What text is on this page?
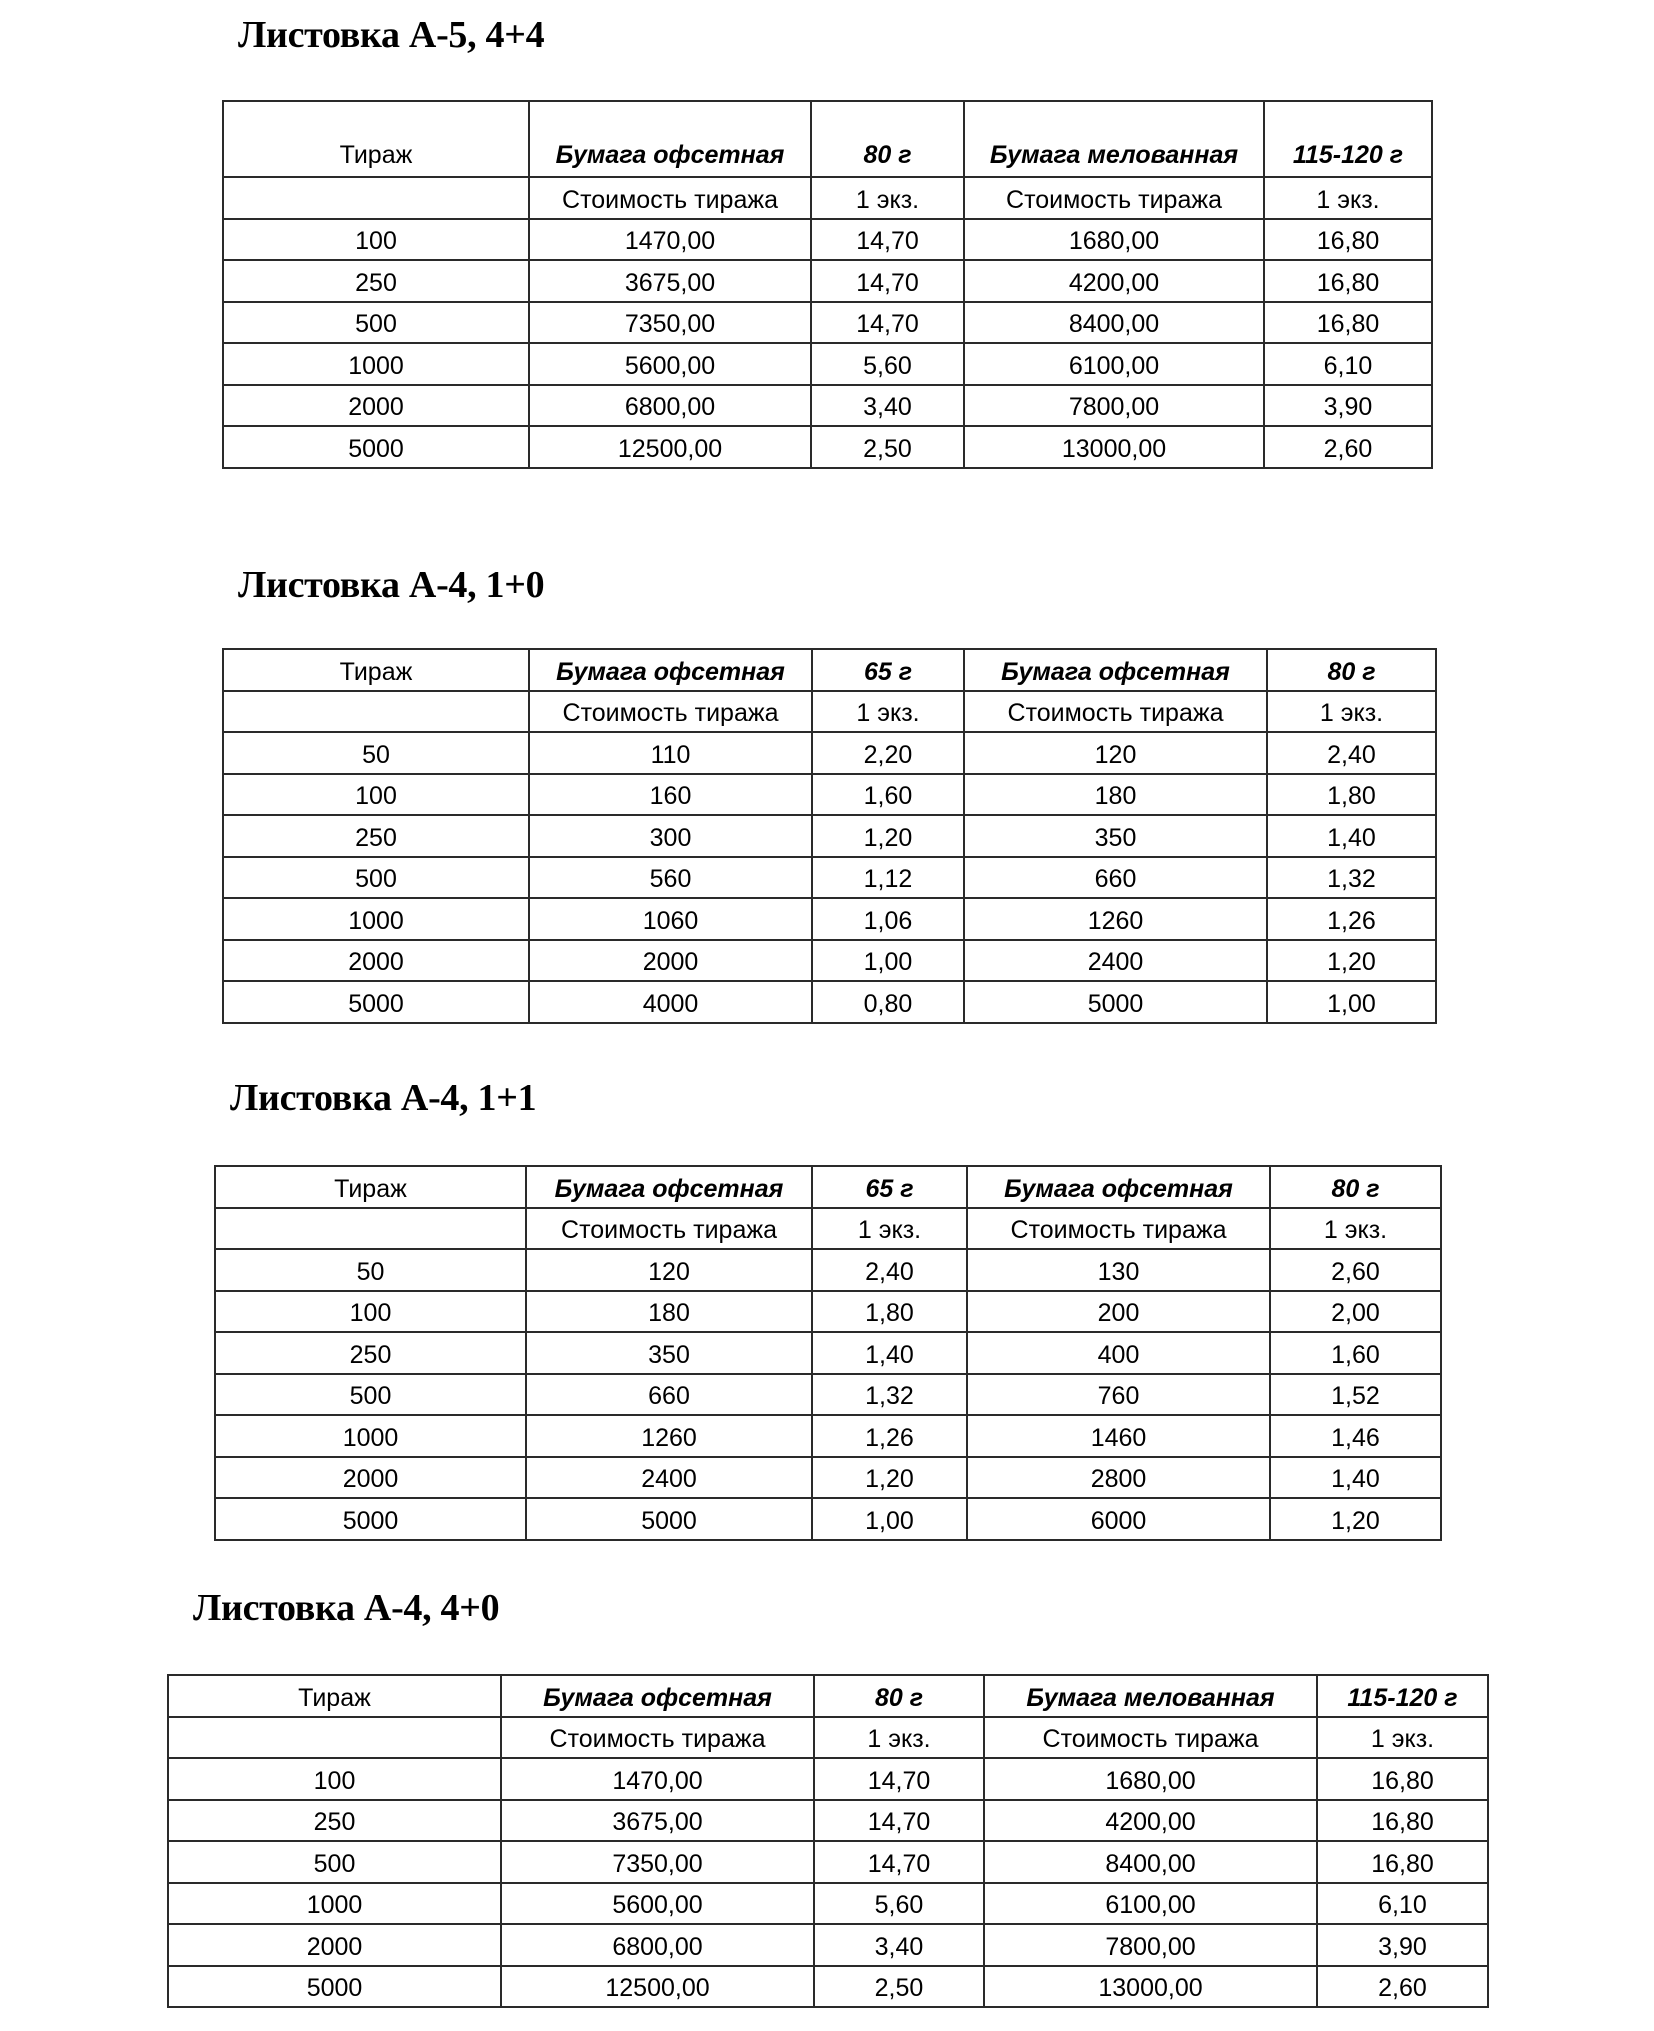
Листовка А-5, 4+4
Тираж	Бумага офсетная	80 г	Бумага мелованная	115-120 г
	Стоимость тиража	1 экз.	Стоимость тиража	1 экз.
100	1470,00	14,70	1680,00	16,80
250	3675,00	14,70	4200,00	16,80
500	7350,00	14,70	8400,00	16,80
1000	5600,00	5,60	6100,00	6,10
2000	6800,00	3,40	7800,00	3,90
5000	12500,00	2,50	13000,00	2,60
Листовка А-4, 1+0
Тираж	Бумага офсетная	65 г	Бумага офсетная	80 г
	Стоимость тиража	1 экз.	Стоимость тиража	1 экз.
50	110	2,20	120	2,40
100	160	1,60	180	1,80
250	300	1,20	350	1,40
500	560	1,12	660	1,32
1000	1060	1,06	1260	1,26
2000	2000	1,00	2400	1,20
5000	4000	0,80	5000	1,00
Листовка А-4, 1+1
Тираж	Бумага офсетная	65 г	Бумага офсетная	80 г
	Стоимость тиража	1 экз.	Стоимость тиража	1 экз.
50	120	2,40	130	2,60
100	180	1,80	200	2,00
250	350	1,40	400	1,60
500	660	1,32	760	1,52
1000	1260	1,26	1460	1,46
2000	2400	1,20	2800	1,40
5000	5000	1,00	6000	1,20
Листовка А-4, 4+0
Тираж	Бумага офсетная	80 г	Бумага мелованная	115-120 г
	Стоимость тиража	1 экз.	Стоимость тиража	1 экз.
100	1470,00	14,70	1680,00	16,80
250	3675,00	14,70	4200,00	16,80
500	7350,00	14,70	8400,00	16,80
1000	5600,00	5,60	6100,00	6,10
2000	6800,00	3,40	7800,00	3,90
5000	12500,00	2,50	13000,00	2,60
